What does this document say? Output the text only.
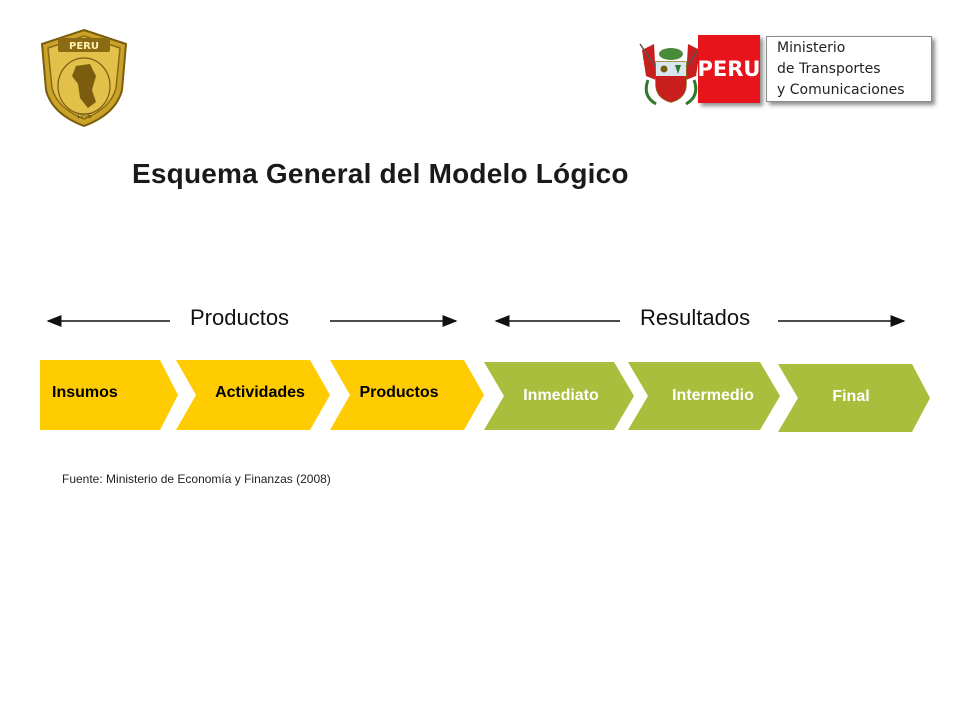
PERU
1996
PERU
Ministerio
de Transportes
y Comunicaciones
Esquema General del Modelo Lógico
Productos	Resultados
Insumos	Actividades	Productos	Inmediato	Intermedio	Final
Fuente: Ministerio de Economía y Finanzas (2008)
